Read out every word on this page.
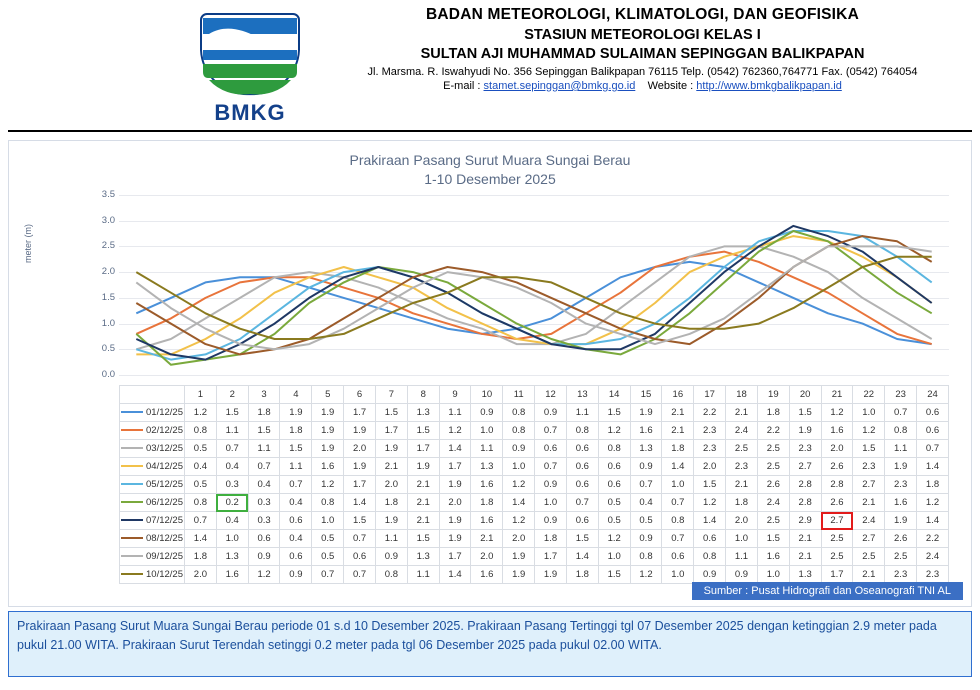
BMKG
BADAN METEOROLOGI, KLIMATOLOGI, DAN GEOFISIKA
STASIUN METEOROLOGI KELAS I
SULTAN AJI MUHAMMAD SULAIMAN SEPINGGAN BALIKPAPAN
Jl. Marsma. R. Iswahyudi No. 356 Sepinggan Balikpapan 76115 Telp. (0542) 762360,764771 Fax. (0542) 764054
E-mail : stamet.sepinggan@bmkg.go.id Website : http://www.bmkgbalikpapan.id
Prakiraan Pasang Surut Muara Sungai Berau
1-10 Desember 2025
meter (m)
0.0
0.5
1.0
1.5
2.0
2.5
3.0
3.5
	1	2	3	4	5	6	7	8	9	10	11	12	13	14	15	16	17	18	19	20	21	22	23	24
01/12/25	1.2	1.5	1.8	1.9	1.9	1.7	1.5	1.3	1.1	0.9	0.8	0.9	1.1	1.5	1.9	2.1	2.2	2.1	1.8	1.5	1.2	1.0	0.7	0.6
02/12/25	0.8	1.1	1.5	1.8	1.9	1.9	1.7	1.5	1.2	1.0	0.8	0.7	0.8	1.2	1.6	2.1	2.3	2.4	2.2	1.9	1.6	1.2	0.8	0.6
03/12/25	0.5	0.7	1.1	1.5	1.9	2.0	1.9	1.7	1.4	1.1	0.9	0.6	0.6	0.8	1.3	1.8	2.3	2.5	2.5	2.3	2.0	1.5	1.1	0.7
04/12/25	0.4	0.4	0.7	1.1	1.6	1.9	2.1	1.9	1.7	1.3	1.0	0.7	0.6	0.6	0.9	1.4	2.0	2.3	2.5	2.7	2.6	2.3	1.9	1.4
05/12/25	0.5	0.3	0.4	0.7	1.2	1.7	2.0	2.1	1.9	1.6	1.2	0.9	0.6	0.6	0.7	1.0	1.5	2.1	2.6	2.8	2.8	2.7	2.3	1.8
06/12/25	0.8	0.2	0.3	0.4	0.8	1.4	1.8	2.1	2.0	1.8	1.4	1.0	0.7	0.5	0.4	0.7	1.2	1.8	2.4	2.8	2.6	2.1	1.6	1.2
07/12/25	0.7	0.4	0.3	0.6	1.0	1.5	1.9	2.1	1.9	1.6	1.2	0.9	0.6	0.5	0.5	0.8	1.4	2.0	2.5	2.9	2.7	2.4	1.9	1.4
08/12/25	1.4	1.0	0.6	0.4	0.5	0.7	1.1	1.5	1.9	2.1	2.0	1.8	1.5	1.2	0.9	0.7	0.6	1.0	1.5	2.1	2.5	2.7	2.6	2.2
09/12/25	1.8	1.3	0.9	0.6	0.5	0.6	0.9	1.3	1.7	2.0	1.9	1.7	1.4	1.0	0.8	0.6	0.8	1.1	1.6	2.1	2.5	2.5	2.5	2.4
10/12/25	2.0	1.6	1.2	0.9	0.7	0.7	0.8	1.1	1.4	1.6	1.9	1.9	1.8	1.5	1.2	1.0	0.9	0.9	1.0	1.3	1.7	2.1	2.3	2.3
Sumber : Pusat Hidrografi dan Oseanografi TNI AL
Prakiraan Pasang Surut Muara Sungai Berau periode 01 s.d 10 Desember 2025. Prakiraan Pasang Tertinggi tgl 07 Desember 2025 dengan ketinggian 2.9 meter pada pukul 21.00 WITA. Prakiraan Surut Terendah setinggi 0.2 meter pada tgl 06 Desember 2025 pada pukul 02.00 WITA.
